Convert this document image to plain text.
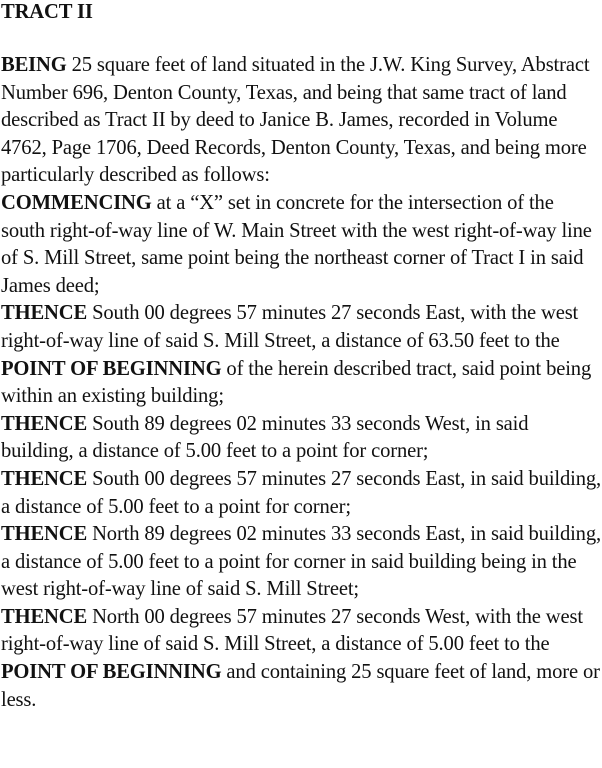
TRACT II

BEING 25 square feet of land situated in the J.W. King Survey, Abstract Number 696, Denton County, Texas, and being that same tract of land described as Tract II by deed to Janice B. James, recorded in Volume 4762, Page 1706, Deed Records, Denton County, Texas, and being more particularly described as follows:

COMMENCING at a “X” set in concrete for the intersection of the south right-of-way line of W. Main Street with the west right-of-way line of S. Mill Street, same point being the northeast corner of Tract I in said James deed;

THENCE South 00 degrees 57 minutes 27 seconds East, with the west right-of-way line of said S. Mill Street, a distance of 63.50 feet to the POINT OF BEGINNING of the herein described tract, said point being within an existing building;

THENCE South 89 degrees 02 minutes 33 seconds West, in said building, a distance of 5.00 feet to a point for corner;

THENCE South 00 degrees 57 minutes 27 seconds East, in said building, a distance of 5.00 feet to a point for corner;

THENCE North 89 degrees 02 minutes 33 seconds East, in said building, a distance of 5.00 feet to a point for corner in said building being in the west right-of-way line of said S. Mill Street;

THENCE North 00 degrees 57 minutes 27 seconds West, with the west right-of-way line of said S. Mill Street, a distance of 5.00 feet to the POINT OF BEGINNING and containing 25 square feet of land, more or less.
